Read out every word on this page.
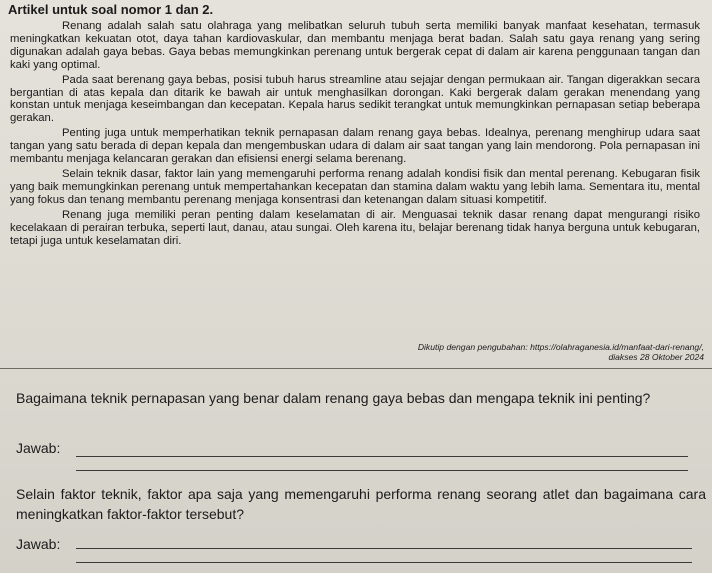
Artikel untuk soal nomor 1 dan 2.

Renang adalah salah satu olahraga yang melibatkan seluruh tubuh serta memiliki banyak manfaat kesehatan, termasuk meningkatkan kekuatan otot, daya tahan kardiovaskular, dan membantu menjaga berat badan. Salah satu gaya renang yang sering digunakan adalah gaya bebas. Gaya bebas memungkinkan perenang untuk bergerak cepat di dalam air karena penggunaan tangan dan kaki yang optimal.

Pada saat berenang gaya bebas, posisi tubuh harus streamline atau sejajar dengan permukaan air. Tangan digerakkan secara bergantian di atas kepala dan ditarik ke bawah air untuk menghasilkan dorongan. Kaki bergerak dalam gerakan menendang yang konstan untuk menjaga keseimbangan dan kecepatan. Kepala harus sedikit terangkat untuk memungkinkan pernapasan setiap beberapa gerakan.

Penting juga untuk memperhatikan teknik pernapasan dalam renang gaya bebas. Idealnya, perenang menghirup udara saat tangan yang satu berada di depan kepala dan mengembuskan udara di dalam air saat tangan yang lain mendorong. Pola pernapasan ini membantu menjaga kelancaran gerakan dan efisiensi energi selama berenang.

Selain teknik dasar, faktor lain yang memengaruhi performa renang adalah kondisi fisik dan mental perenang. Kebugaran fisik yang baik memungkinkan perenang untuk mempertahankan kecepatan dan stamina dalam waktu yang lebih lama. Sementara itu, mental yang fokus dan tenang membantu perenang menjaga konsentrasi dan ketenangan dalam situasi kompetitif.

Renang juga memiliki peran penting dalam keselamatan di air. Menguasai teknik dasar renang dapat mengurangi risiko kecelakaan di perairan terbuka, seperti laut, danau, atau sungai. Oleh karena itu, belajar berenang tidak hanya berguna untuk kebugaran, tetapi juga untuk keselamatan diri.

Dikutip dengan pengubahan: https://olahraganesia.id/manfaat-dari-renang/,
diakses 28 Oktober 2024
Bagaimana teknik pernapasan yang benar dalam renang gaya bebas dan mengapa teknik ini penting?
Jawab:
Selain faktor teknik, faktor apa saja yang memengaruhi performa renang seorang atlet dan bagaimana cara meningkatkan faktor-faktor tersebut?
Jawab:
